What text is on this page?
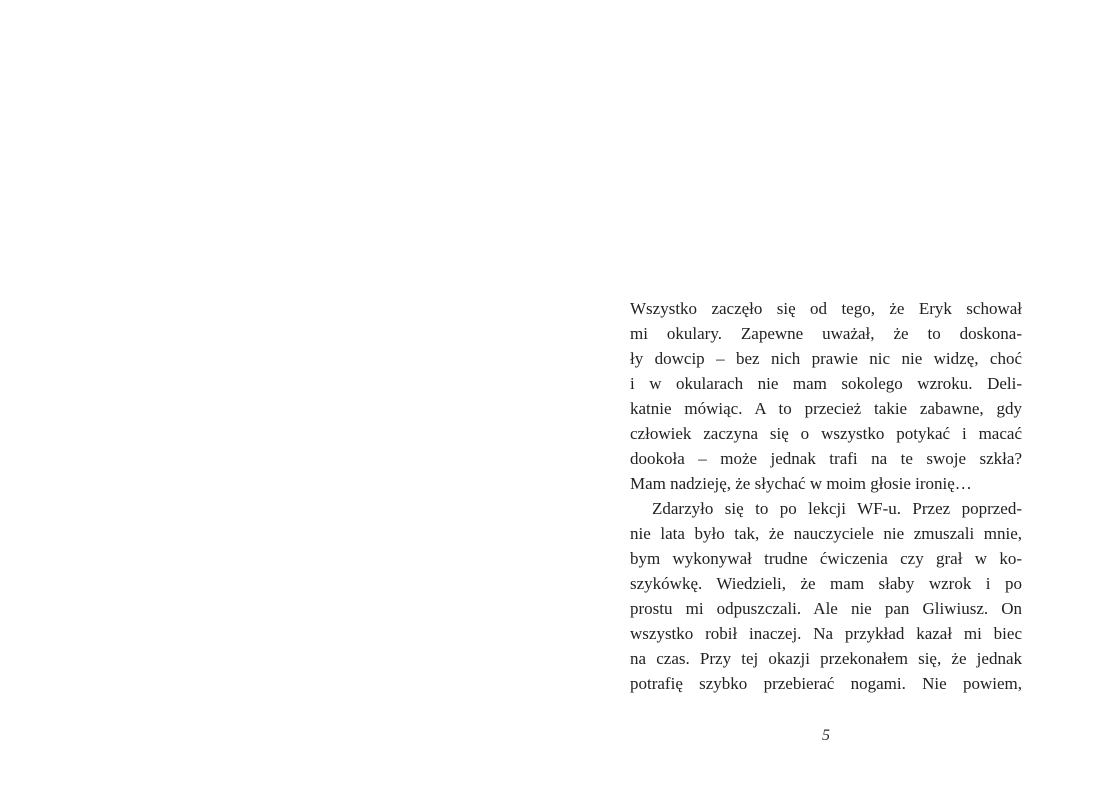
Wszystko zaczęło się od tego, że Eryk schował
mi okulary. Zapewne uważał, że to doskona-
ły dowcip – bez nich prawie nic nie widzę, choć
i w okularach nie mam sokolego wzroku. Deli-
katnie mówiąc. A to przecież takie zabawne, gdy
człowiek zaczyna się o wszystko potykać i macać
dookoła – może jednak trafi na te swoje szkła?
Mam nadzieję, że słychać w moim głosie ironię…
Zdarzyło się to po lekcji WF-u. Przez poprzed-
nie lata było tak, że nauczyciele nie zmuszali mnie,
bym wykonywał trudne ćwiczenia czy grał w ko-
szykówkę. Wiedzieli, że mam słaby wzrok i po
prostu mi odpuszczali. Ale nie pan Gliwiusz. On
wszystko robił inaczej. Na przykład kazał mi biec
na czas. Przy tej okazji przekonałem się, że jednak
potrafię szybko przebierać nogami. Nie powiem,
5
